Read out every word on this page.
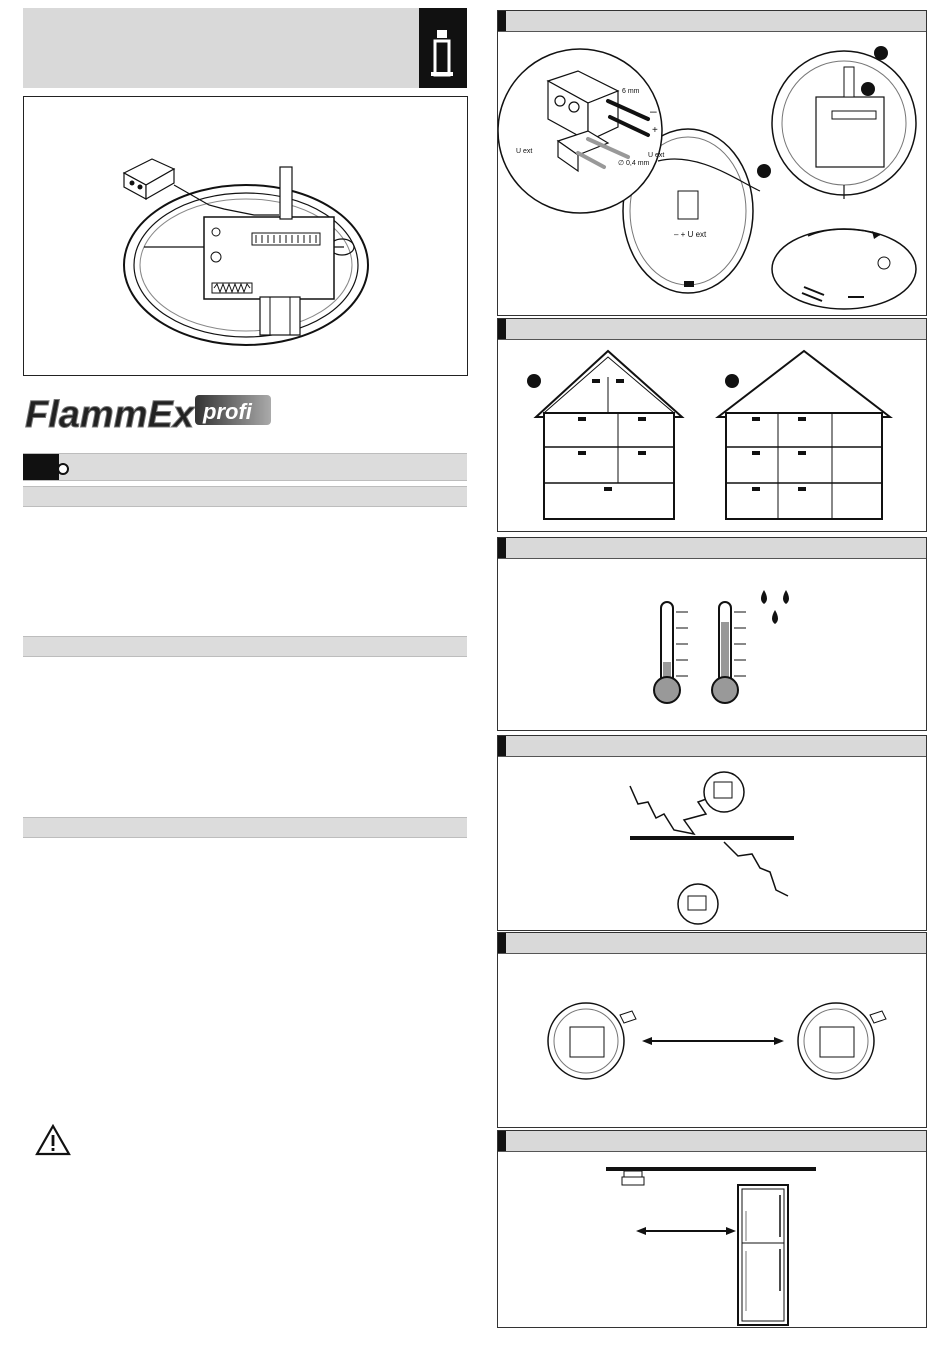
FlammEx profi
– + U ext
6 mm
–
+
U ext
U ext
∅ 0,4 mm
